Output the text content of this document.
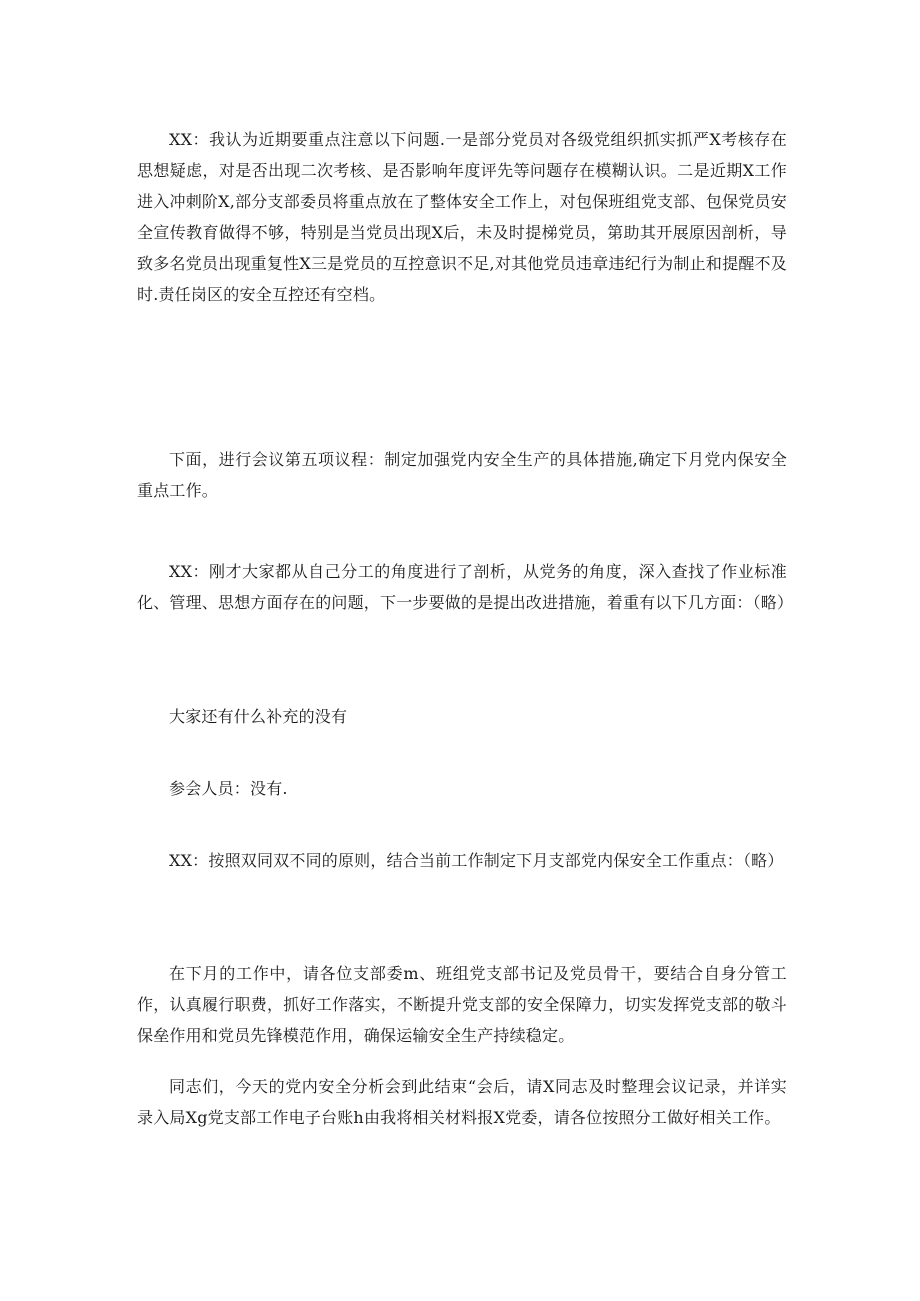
XX：我认为近期要重点注意以下问题.一是部分党员对各级党组织抓实抓严X考核存在思想疑虑，对是否出现二次考核、是否影响年度评先等问题存在模糊认识。二是近期X工作进入冲刺阶X,部分支部委员将重点放在了整体安全工作上，对包保班组党支部、包保党员安全宣传教育做得不够，特别是当党员出现X后，未及时提梯党员，第助其开展原因剖析，导致多名党员出现重复性X三是党员的互控意识不足,对其他党员违章违纪行为制止和提醒不及时.责任岗区的安全互控还有空档。

下面，进行会议第五项议程：制定加强党内安全生产的具体措施,确定下月党内保安全重点工作。

XX：刚才大家都从自己分工的角度进行了剖析，从党务的角度，深入查找了作业标准化、管理、思想方面存在的问题，下一步要做的是提出改进措施，着重有以下几方面：（略）

大家还有什么补充的没有

参会人员：没有.

XX：按照双同双不同的原则，结合当前工作制定下月支部党内保安全工作重点：（略）

在下月的工作中，请各位支部委m、班组党支部书记及党员骨干，要结合自身分管工作，认真履行职费，抓好工作落实，不断提升党支部的安全保障力，切实发挥党支部的敬斗保垒作用和党员先锋模范作用，确保运输安全生产持续稳定。

同志们，今天的党内安全分析会到此结束“会后，请X同志及时整理会议记录，并详实录入局Xg党支部工作电子台账h由我将相关材料报X党委，请各位按照分工做好相关工作。
